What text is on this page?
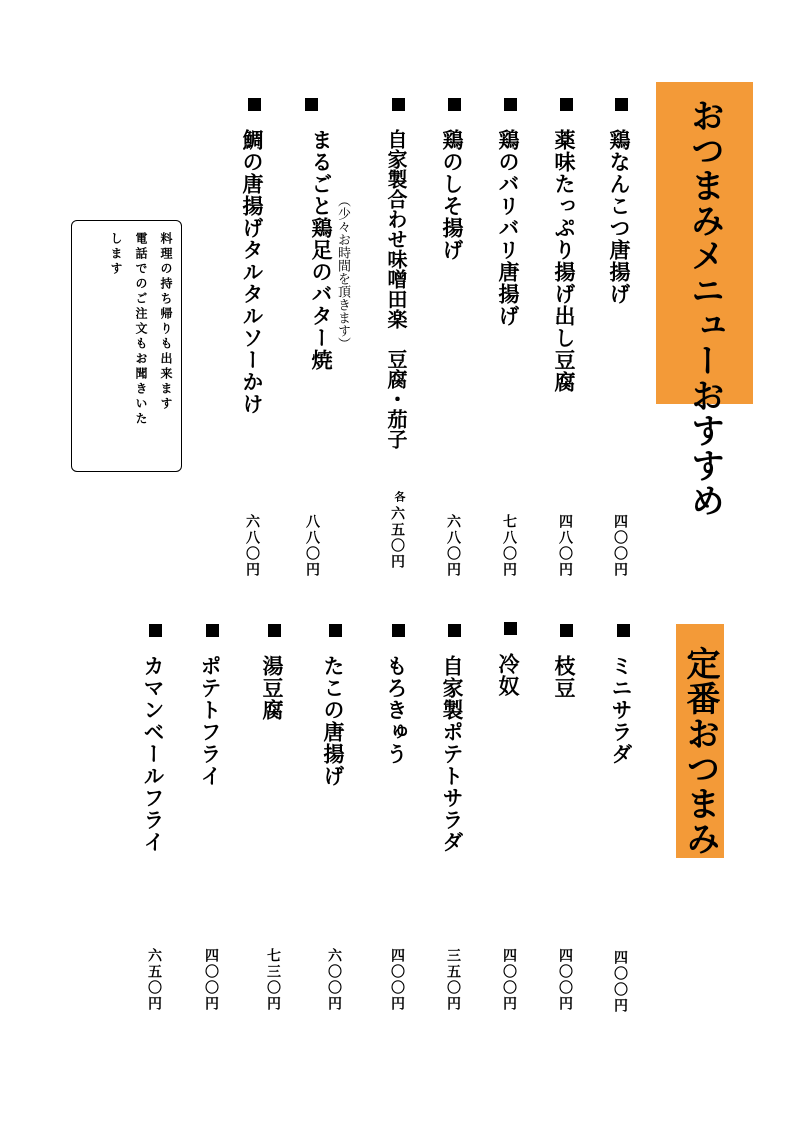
おすすめ
おつまみメニュー
定番おつまみ
鶏なんこつ唐揚げ
薬味たっぷり揚げ出し豆腐
鶏のバリバリ唐揚げ
鶏のしそ揚げ
自家製合わせ味噌田楽　豆腐・茄子
（少々お時間を頂きます）
まるごと鶏足のバター焼
鯛の唐揚げタルタルソーかけ
四〇〇円
四八〇円
七八〇円
六八〇円
各
六五〇円
八八〇円
六八〇円
料理の持ち帰りも出来ます
電話でのご注文もお聞きいた
します
ミニサラダ
枝豆
冷奴
自家製ポテトサラダ
もろきゅう
たこの唐揚げ
湯豆腐
ポテトフライ
カマンベールフライ
四〇〇円
四〇〇円
四〇〇円
三五〇円
四〇〇円
六〇〇円
七三〇円
四〇〇円
六五〇円
